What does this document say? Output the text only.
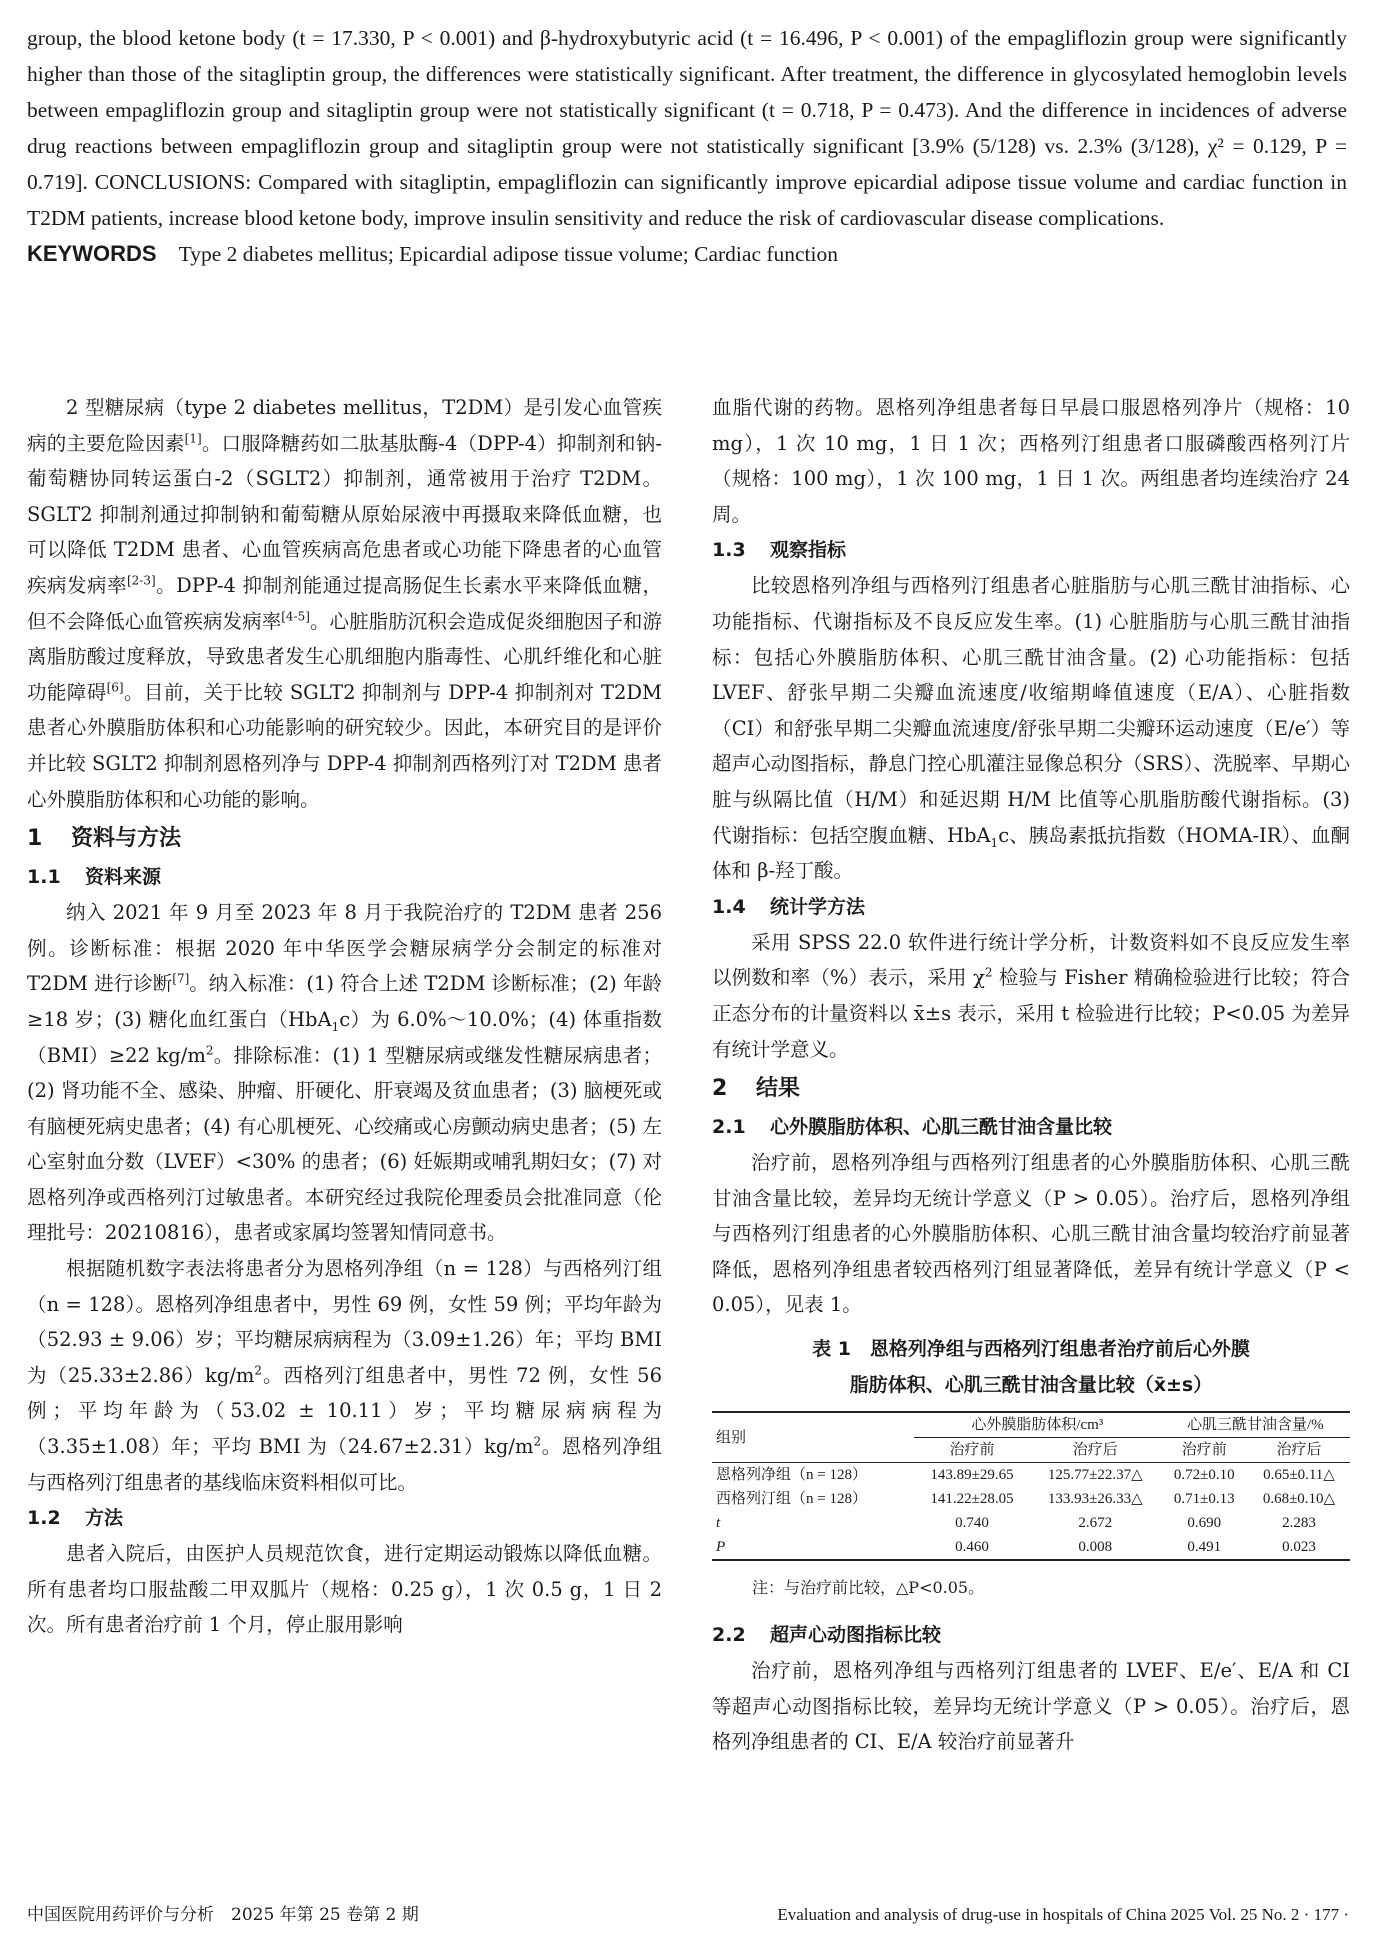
group, the blood ketone body (t = 17.330, P < 0.001) and β-hydroxybutyric acid (t = 16.496, P < 0.001) of the empagliflozin group were significantly higher than those of the sitagliptin group, the differences were statistically significant. After treatment, the difference in glycosylated hemoglobin levels between empagliflozin group and sitagliptin group were not statistically significant (t = 0.718, P = 0.473). And the difference in incidences of adverse drug reactions between empagliflozin group and sitagliptin group were not statistically significant [3.9% (5/128) vs. 2.3% (3/128), χ² = 0.129, P = 0.719]. CONCLUSIONS: Compared with sitagliptin, empagliflozin can significantly improve epicardial adipose tissue volume and cardiac function in T2DM patients, increase blood ketone body, improve insulin sensitivity and reduce the risk of cardiovascular disease complications.

KEYWORDS Type 2 diabetes mellitus; Epicardial adipose tissue volume; Cardiac function

2 型糖尿病（type 2 diabetes mellitus，T2DM）是引发心血管疾病的主要危险因素[1]。口服降糖药如二肽基肽酶-4（DPP-4）抑制剂和钠-葡萄糖协同转运蛋白-2（SGLT2）抑制剂，通常被用于治疗 T2DM。SGLT2 抑制剂通过抑制钠和葡萄糖从原始尿液中再摄取来降低血糖，也可以降低 T2DM 患者、心血管疾病高危患者或心功能下降患者的心血管疾病发病率[2-3]。DPP-4 抑制剂能通过提高肠促生长素水平来降低血糖，但不会降低心血管疾病发病率[4-5]。心脏脂肪沉积会造成促炎细胞因子和游离脂肪酸过度释放，导致患者发生心肌细胞内脂毒性、心肌纤维化和心脏功能障碍[6]。目前，关于比较 SGLT2 抑制剂与 DPP-4 抑制剂对 T2DM 患者心外膜脂肪体积和心功能影响的研究较少。因此，本研究目的是评价并比较 SGLT2 抑制剂恩格列净与 DPP-4 抑制剂西格列汀对 T2DM 患者心外膜脂肪体积和心功能的影响。

1 资料与方法
1.1 资料来源

纳入 2021 年 9 月至 2023 年 8 月于我院治疗的 T2DM 患者 256 例。诊断标准：根据 2020 年中华医学会糖尿病学分会制定的标准对 T2DM 进行诊断[7]。纳入标准：(1) 符合上述 T2DM 诊断标准；(2) 年龄≥18 岁；(3) 糖化血红蛋白（HbA$_1$c）为 6.0%～10.0%；(4) 体重指数（BMI）≥22 $kg/m^2$。排除标准：(1) 1 型糖尿病或继发性糖尿病患者；(2) 肾功能不全、感染、肿瘤、肝硬化、肝衰竭及贫血患者；(3) 脑梗死或有脑梗死病史患者；(4) 有心肌梗死、心绞痛或心房颤动病史患者；(5) 左心室射血分数（LVEF）<30% 的患者；(6) 妊娠期或哺乳期妇女；(7) 对恩格列净或西格列汀过敏患者。本研究经过我院伦理委员会批准同意（伦理批号：20210816），患者或家属均签署知情同意书。

根据随机数字表法将患者分为恩格列净组（n = 128）与西格列汀组（n = 128）。恩格列净组患者中，男性 69 例，女性 59 例；平均年龄为（52.93 ± 9.06）岁；平均糖尿病病程为（3.09±1.26）年；平均 BMI 为$(25.33\pm 2.86)kg/m^2$。西格列汀组患者中，男性 72 例，女性 56 例；平均年龄为（53.02 ± 10.11）岁；平均糖尿病病程为（3.35±1.08）年；平均 BMI 为$(24.67\pm 2.31)kg/m^2$。恩格列净组与西格列汀组患者的基线临床资料相似可比。

1.2 方法

患者入院后，由医护人员规范饮食，进行定期运动锻炼以降低血糖。所有患者均口服盐酸二甲双胍片（规格：0.25 g），1 次 0.5 g，1 日 2 次。所有患者治疗前 1 个月，停止服用影响

血脂代谢的药物。恩格列净组患者每日早晨口服恩格列净片（规格：10 mg），1 次 10 mg，1 日 1 次；西格列汀组患者口服磷酸西格列汀片（规格：100 mg），1 次 100 mg，1 日 1 次。两组患者均连续治疗 24 周。

1.3 观察指标

比较恩格列净组与西格列汀组患者心脏脂肪与心肌三酰甘油指标、心功能指标、代谢指标及不良反应发生率。(1) 心脏脂肪与心肌三酰甘油指标：包括心外膜脂肪体积、心肌三酰甘油含量。(2) 心功能指标：包括 LVEF、舒张早期二尖瓣血流速度/收缩期峰值速度（E/A）、心脏指数（CI）和舒张早期二尖瓣血流速度/舒张早期二尖瓣环运动速度（E/e′）等超声心动图指标，静息门控心肌灌注显像总积分（SRS）、洗脱率、早期心脏与纵隔比值（H/M）和延迟期 H/M 比值等心肌脂肪酸代谢指标。(3) 代谢指标：包括空腹血糖、HbA$_1$c、胰岛素抵抗指数（HOMA-IR）、血酮体和 β-羟丁酸。

1.4 统计学方法

采用 SPSS 22.0 软件进行统计学分析，计数资料如不良反应发生率以例数和率（%）表示，采用 $\chi^2$ 检验与 Fisher 精确检验进行比较；符合正态分布的计量资料以 x̄±s 表示，采用 t 检验进行比较；P<0.05 为差异有统计学意义。

2 结果
2.1 心外膜脂肪体积、心肌三酰甘油含量比较

治疗前，恩格列净组与西格列汀组患者的心外膜脂肪体积、心肌三酰甘油含量比较，差异均无统计学意义（P > 0.05）。治疗后，恩格列净组与西格列汀组患者的心外膜脂肪体积、心肌三酰甘油含量均较治疗前显著降低，恩格列净组患者较西格列汀组显著降低，差异有统计学意义（P < 0.05），见表 1。

表 1　恩格列净组与西格列汀组患者治疗前后心外膜
脂肪体积、心肌三酰甘油含量比较（x̄±s）
组别	心外膜脂肪体积/cm³		心肌三酰甘油含量/%	
	治疗前	治疗后	治疗前	治疗后
恩格列净组（n = 128）	143.89±29.65	125.77±22.37△	0.72±0.10	0.65±0.11△
西格列汀组（n = 128）	141.22±28.05	133.93±26.33△	0.71±0.13	0.68±0.10△
t	0.740	2.672	0.690	2.283
P	0.460	0.008	0.491	0.023
注：与治疗前比较，△P<0.05。
2.2 超声心动图指标比较

治疗前，恩格列净组与西格列汀组患者的 LVEF、E/e′、E/A 和 CI 等超声心动图指标比较，差异均无统计学意义（P > 0.05）。治疗后，恩格列净组患者的 CI、E/A 较治疗前显著升

中国医院用药评价与分析　2025 年第 25 卷第 2 期	Evaluation and analysis of drug-use in hospitals of China 2025 Vol. 25 No. 2 · 177 ·
